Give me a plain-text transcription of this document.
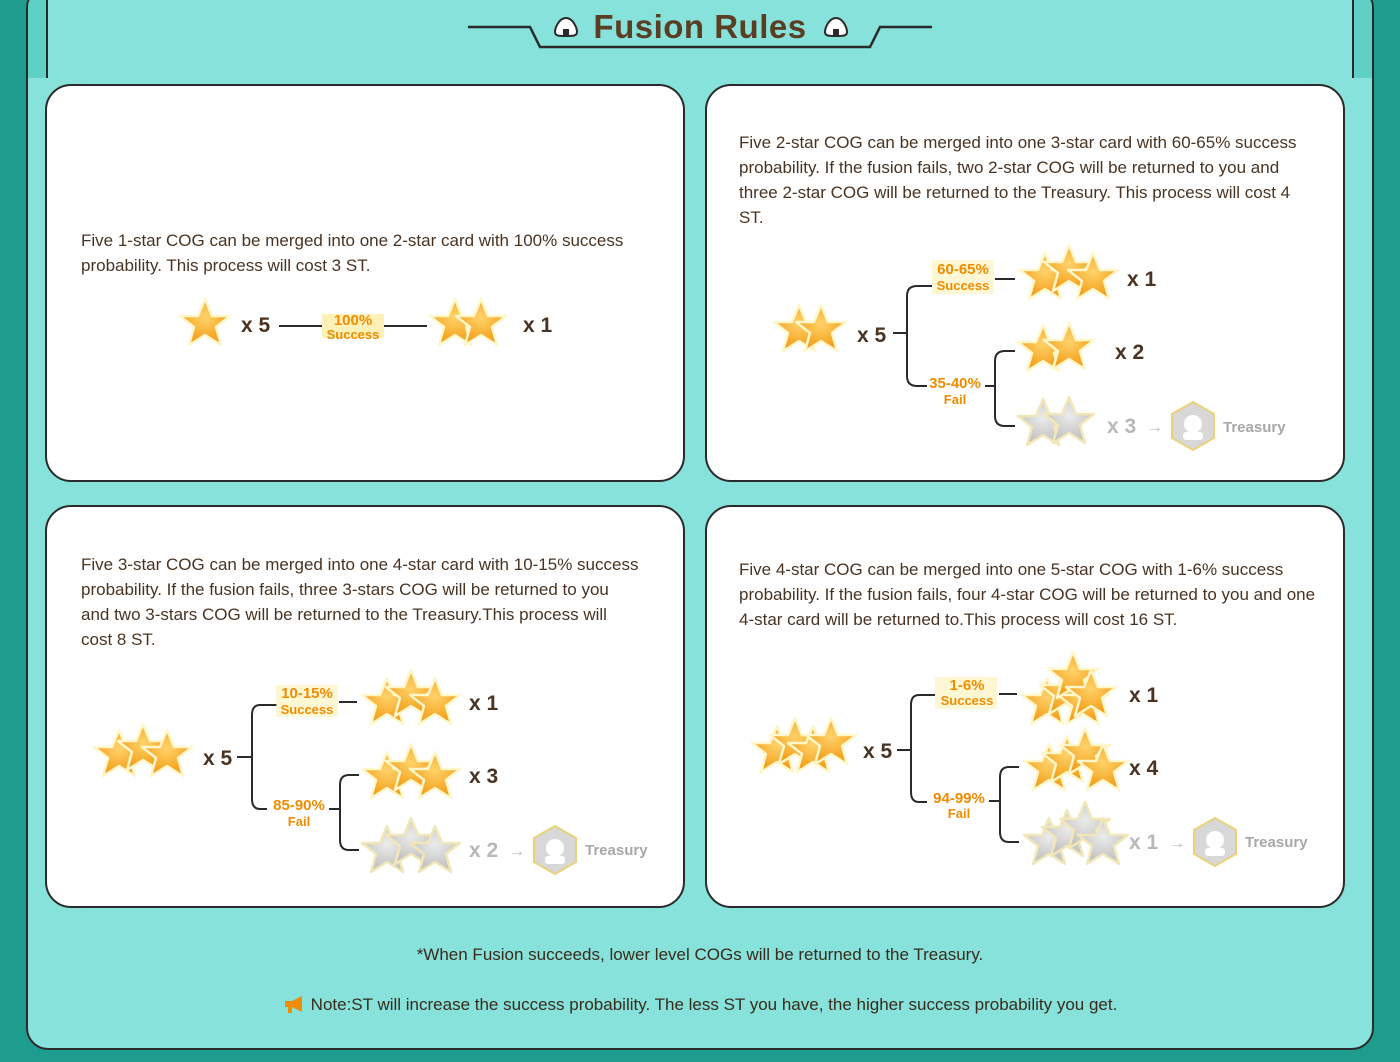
Fusion Rules

Five 1-star COG can be merged into one 2-star card with 100% success probability. This process will cost 3 ST.

x 5	100%
Success	x 1

Five 2-star COG can be merged into one 3-star card with 60-65% success probability. If the fusion fails, two 2-star COG will be returned to you and three 2-star COG will be returned to the Treasury. This process will cost 4 ST.

x 5
60-65%
Success	x 1
35-40%
Fail
x 2
x 3 →	Treasury

Five 3-star COG can be merged into one 4-star card with 10-15% success probability. If the fusion fails, three 3-stars COG will be returned to you and two 3-stars COG will be returned to the Treasury.This process will cost 8 ST.

x 5
10-15%
Success	x 1
85-90%
Fail
x 3
x 2 →	Treasury

Five 4-star COG can be merged into one 5-star COG with 1-6% success probability. If the fusion fails, four 4-star COG will be returned to you and one 4-star card will be returned to.This process will cost 16 ST.

x 5
1-6%
Success	x 1
94-99%
Fail
x 4
x 1 →	Treasury
*When Fusion succeeds, lower level COGs will be returned to the Treasury.
Note:ST will increase the success probability. The less ST you have, the higher success probability you get.
